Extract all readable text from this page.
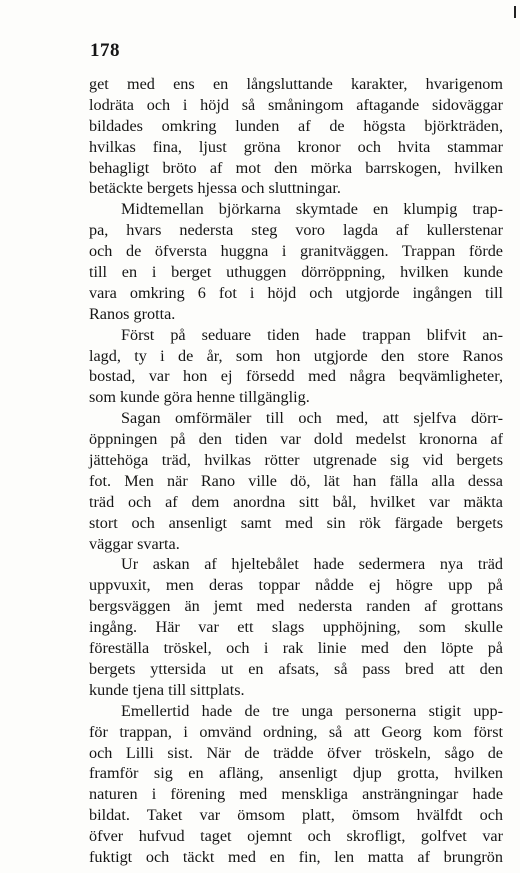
178
get med ens en långsluttande karakter, hvarigenom
lodräta och i höjd så småningom aftagande sidoväggar
bildades omkring lunden af de högsta björkträden,
hvilkas fina, ljust gröna kronor och hvita stammar
behagligt bröto af mot den mörka barrskogen, hvilken
betäckte bergets hjessa och sluttningar.
Midtemellan björkarna skymtade en klumpig trap-
pa, hvars nedersta steg voro lagda af kullerstenar
och de öfversta huggna i granitväggen. Trappan förde
till en i berget uthuggen dörröppning, hvilken kunde
vara omkring 6 fot i höjd och utgjorde ingången till
Ranos grotta.
Först på seduare tiden hade trappan blifvit an-
lagd, ty i de år, som hon utgjorde den store Ranos
bostad, var hon ej försedd med några beqvämligheter,
som kunde göra henne tillgänglig.
Sagan omförmäler till och med, att sjelfva dörr-
öppningen på den tiden var dold medelst kronorna af
jättehöga träd, hvilkas rötter utgrenade sig vid bergets
fot. Men när Rano ville dö, lät han fälla alla dessa
träd och af dem anordna sitt bål, hvilket var mäkta
stort och ansenligt samt med sin rök färgade bergets
väggar svarta.
Ur askan af hjeltebålet hade sedermera nya träd
uppvuxit, men deras toppar nådde ej högre upp på
bergsväggen än jemt med nedersta randen af grottans
ingång. Här var ett slags upphöjning, som skulle
föreställa tröskel, och i rak linie med den löpte på
bergets yttersida ut en afsats, så pass bred att den
kunde tjena till sittplats.
Emellertid hade de tre unga personerna stigit upp-
för trappan, i omvänd ordning, så att Georg kom först
och Lilli sist. När de trädde öfver tröskeln, sågo de
framför sig en afläng, ansenligt djup grotta, hvilken
naturen i förening med menskliga ansträngningar hade
bildat. Taket var ömsom platt, ömsom hvälfdt och
öfver hufvud taget ojemnt och skrofligt, golfvet var
fuktigt och täckt med en fin, len matta af brungrön
